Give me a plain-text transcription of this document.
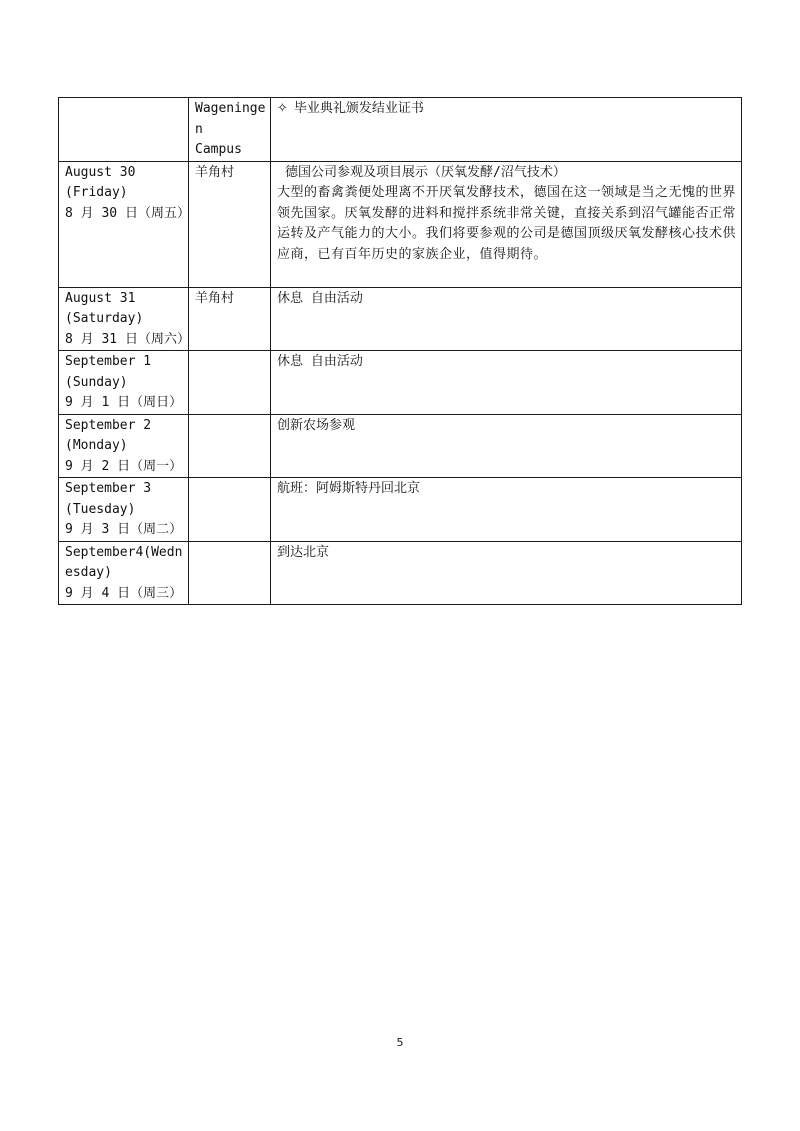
	Wageningen
Campus	✧ 毕业典礼颁发结业证书

August 30
(Friday)
8 月 30 日（周五）	羊角村	德国公司参观及项目展示（厌氧发酵/沼气技术）
大型的畜禽粪便处理离不开厌氧发酵技术，德国在这一领域是当之无愧的世界领先国家。厌氧发酵的进料和搅拌系统非常关键，直接关系到沼气罐能否正常运转及产气能力的大小。我们将要参观的公司是德国顶级厌氧发酵核心技术供应商，已有百年历史的家族企业，值得期待。

August 31
(Saturday)
8 月 31 日（周六）	羊角村	休息 自由活动

September 1
(Sunday)
9 月 1 日（周日）		休息 自由活动

September 2
(Monday)
9 月 2 日（周一）		创新农场参观

September 3
(Tuesday)
9 月 3 日（周二）		航班：阿姆斯特丹回北京

September4(Wedn
esday)
9 月 4 日（周三）		到达北京
5
